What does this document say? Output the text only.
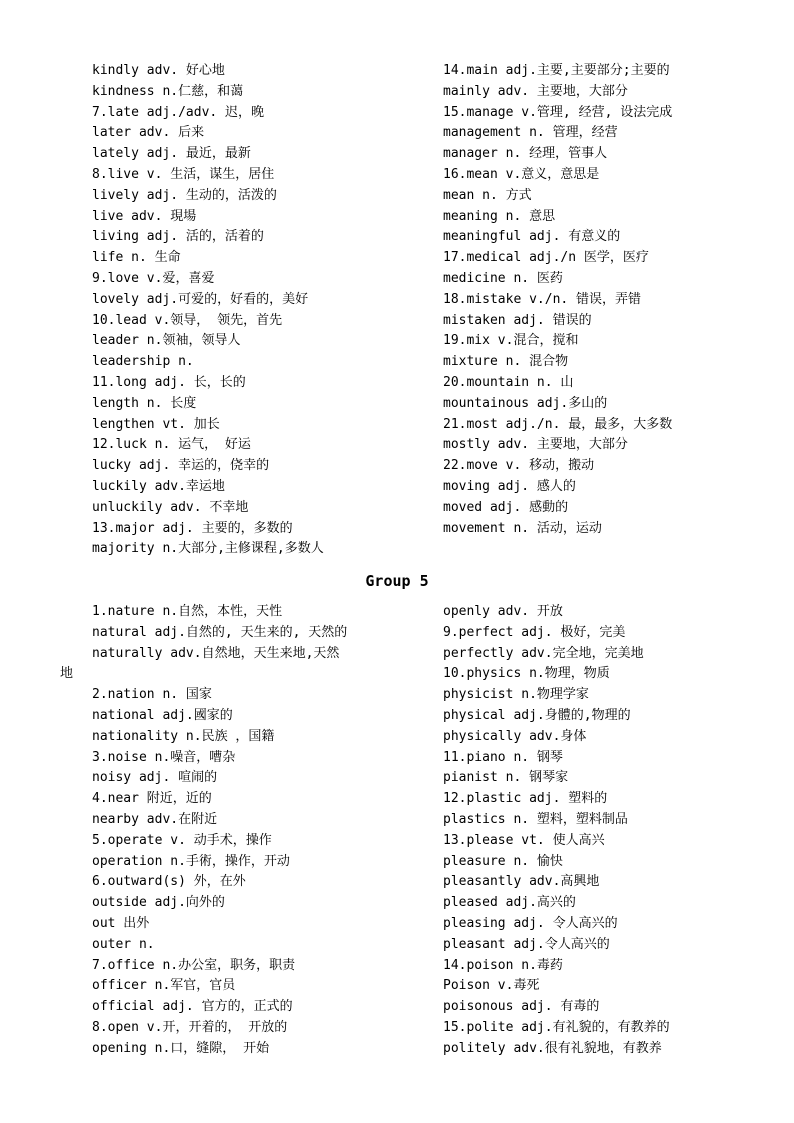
kindly adv. 好心地
kindness n.仁慈，和蔼
7.late adj./adv. 迟，晚
later adv. 后来
lately adj. 最近，最新
8.live v. 生活，谋生，居住
lively adj. 生动的，活泼的
live adv. 現場
living adj. 活的，活着的
life n. 生命
9.love v.爱，喜爱
lovely adj.可爱的，好看的，美好
10.lead v.领导， 领先，首先
leader n.领袖，领导人
leadership n.
11.long adj. 长，长的
length n. 长度
lengthen vt. 加长
12.luck n. 运气， 好运
lucky adj. 幸运的，侥幸的
luckily adv.幸运地
unluckily adv. 不幸地
13.major adj. 主要的，多数的
majority n.大部分,主修课程,多数人
14.main adj.主要,主要部分;主要的
mainly adv. 主要地，大部分
15.manage v.管理, 经营, 设法完成
management n. 管理，经营
manager n. 经理，管事人
16.mean v.意义，意思是
mean n. 方式
meaning n. 意思
meaningful adj. 有意义的
17.medical adj./n 医学，医疗
medicine n. 医药
18.mistake v./n. 错误，弄错
mistaken adj. 错误的
19.mix v.混合，搅和
mixture n. 混合物
20.mountain n. 山
mountainous adj.多山的
21.most adj./n. 最，最多，大多数
mostly adv. 主要地，大部分
22.move v. 移动，搬动
moving adj. 感人的
moved adj. 感動的
movement n. 活动，运动
Group 5
1.nature n.自然，本性，天性
natural adj.自然的, 天生来的, 天然的
naturally adv.自然地，天生来地,天然
地
2.nation n. 国家
national adj.國家的
nationality n.民族 ，国籍
3.noise n.噪音，嘈杂
noisy adj. 喧闹的
4.near 附近，近的
nearby adv.在附近
5.operate v. 动手术，操作
operation n.手術，操作，开动
6.outward(s) 外，在外
outside adj.向外的
out 出外
outer n.
7.office n.办公室，职务，职责
officer n.军官，官员
official adj. 官方的，正式的
8.open v.开，开着的， 开放的
opening n.口，缝隙， 开始
openly adv. 开放
9.perfect adj. 极好，完美
perfectly adv.完全地，完美地
10.physics n.物理，物质
physicist n.物理学家
physical adj.身體的,物理的
physically adv.身体
11.piano n. 钢琴
pianist n. 钢琴家
12.plastic adj. 塑料的
plastics n. 塑料，塑料制品
13.please vt. 使人高兴
pleasure n. 愉快
pleasantly adv.高興地
pleased adj.高兴的
pleasing adj. 令人高兴的
pleasant adj.令人高兴的
14.poison n.毒药
Poison v.毒死
poisonous adj. 有毒的
15.polite adj.有礼貌的，有教养的
politely adv.很有礼貌地，有教养
